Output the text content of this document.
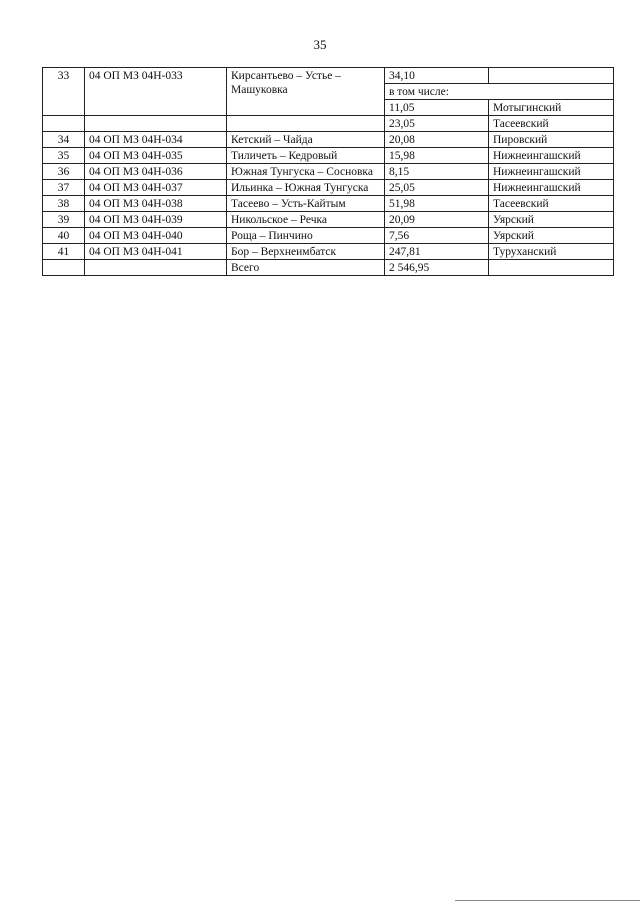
35
33	04 ОП МЗ 04Н-033	Кирсантьево – Устье – Машуковка	34,10	
			в том числе:	
			11,05	Мотыгинский
			23,05	Тасеевский
34	04 ОП МЗ 04Н-034	Кетский – Чайда	20,08	Пировский
35	04 ОП МЗ 04Н-035	Тиличеть – Кедровый	15,98	Нижнеингашский
36	04 ОП МЗ 04Н-036	Южная Тунгуска – Сосновка	8,15	Нижнеингашский
37	04 ОП МЗ 04Н-037	Ильинка – Южная Тунгуска	25,05	Нижнеингашский
38	04 ОП МЗ 04Н-038	Тасеево – Усть-Кайтым	51,98	Тасеевский
39	04 ОП МЗ 04Н-039	Никольское – Речка	20,09	Уярский
40	04 ОП МЗ 04Н-040	Роща – Пинчино	7,56	Уярский
41	04 ОП МЗ 04Н-041	Бор – Верхнеимбатск	247,81	Туруханский
		Всего	2 546,95	
